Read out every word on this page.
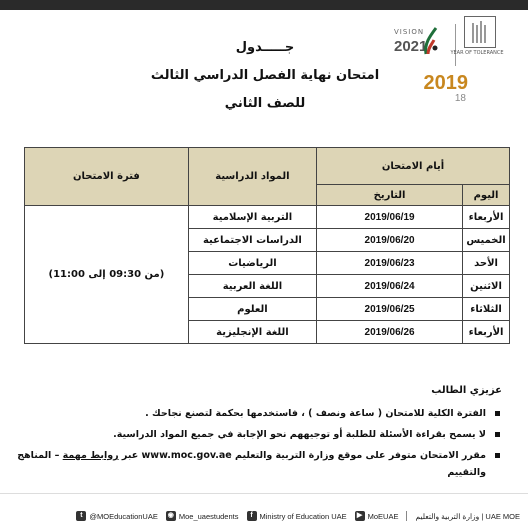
VISION
2021	YEAR OF TOLERANCE
2019
18
جـــــدول
امتحان نهاية الفصل الدراسي الثالث
للصف الثاني
أيام الامتحان		المواد الدراسية	فترة الامتحان
اليوم	التاريخ		
الأربعاء	2019/06/19	التربية الإسلامية	(من 09:30 إلى 11:00)
الخميس	2019/06/20	الدراسات الاجتماعية	
الأحد	2019/06/23	الرياضيات	
الاثنين	2019/06/24	اللغة العربية	
الثلاثاء	2019/06/25	العلوم	
الأربعاء	2019/06/26	اللغة الإنجليزية	
عزيزي الطالب
الفترة الكلية للامتحان ( ساعة ونصف ) ، فاستخدمها بحكمة لتصنع نجاحك .
لا يسمح بقراءة الأسئلة للطلبة أو توجيههم نحو الإجابة في جميع المواد الدراسية.
مقرر الامتحان متوفر على موقع وزارة التربية والتعليم www.moc.gov.ae عبر روابط مهمة – المناهج والتقييم
وزارة التربية والتعليم | UAE MOE
▶ MoEUAE
f Ministry of Education UAE
◉ Moe_uaestudents
t @MOEducationUAE
